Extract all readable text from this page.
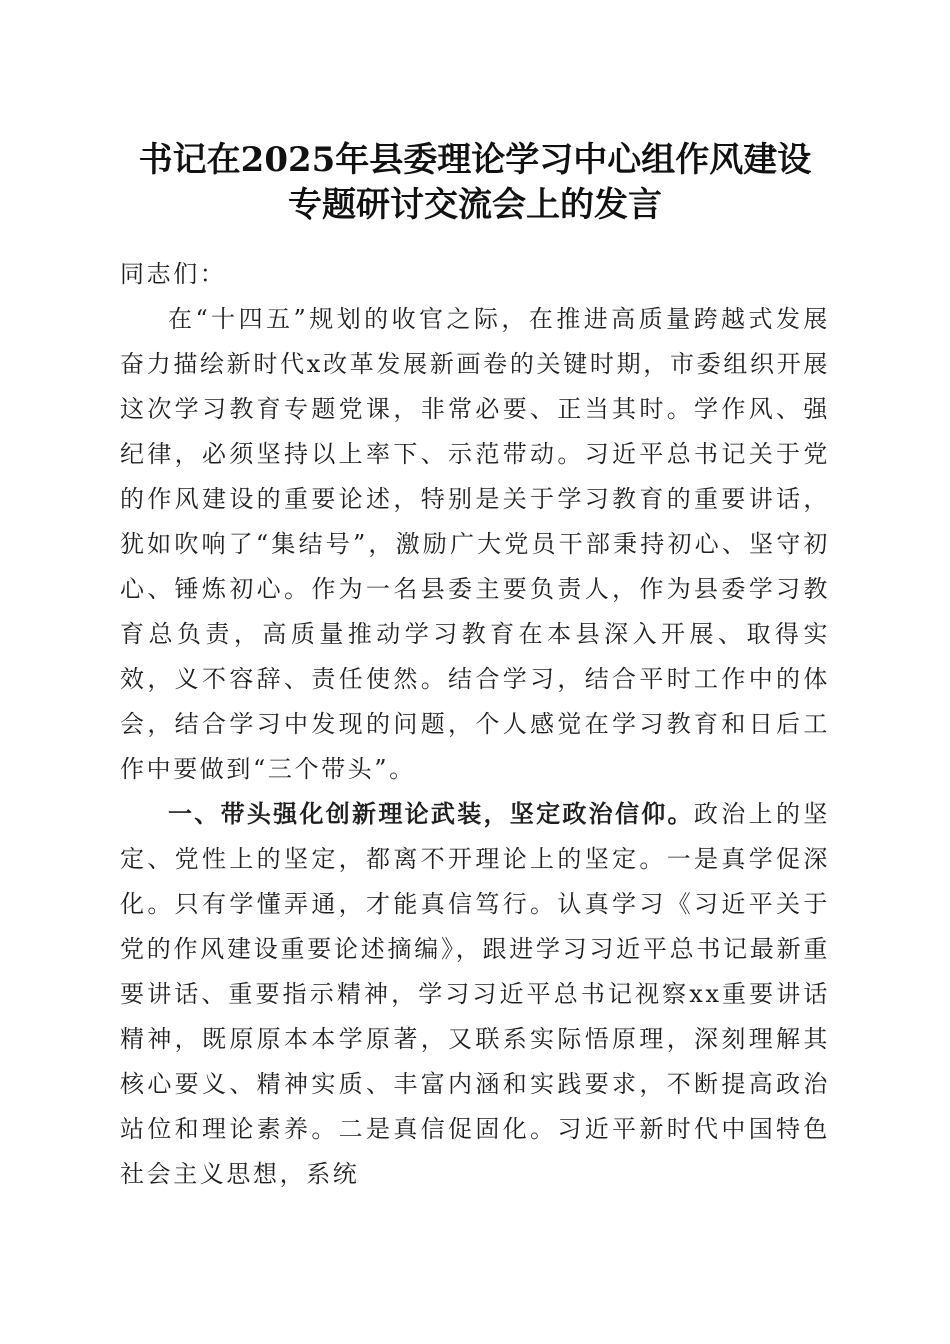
书记在2025年县委理论学习中心组作风建设
专题研讨交流会上的发言

同志们：

在“十四五”规划的收官之际，在推进高质量跨越式发展奋力描绘新时代x改革发展新画卷的关键时期，市委组织开展这次学习教育专题党课，非常必要、正当其时。学作风、强纪律，必须坚持以上率下、示范带动。习近平总书记关于党的作风建设的重要论述，特别是关于学习教育的重要讲话，犹如吹响了“集结号”，激励广大党员干部秉持初心、坚守初心、锤炼初心。作为一名县委主要负责人，作为县委学习教育总负责，高质量推动学习教育在本县深入开展、取得实效，义不容辞、责任使然。结合学习，结合平时工作中的体会，结合学习中发现的问题，个人感觉在学习教育和日后工作中要做到“三个带头”。

一、带头强化创新理论武装，坚定政治信仰。政治上的坚定、党性上的坚定，都离不开理论上的坚定。一是真学促深化。只有学懂弄通，才能真信笃行。认真学习《习近平关于党的作风建设重要论述摘编》，跟进学习习近平总书记最新重要讲话、重要指示精神，学习习近平总书记视察xx重要讲话精神，既原原本本学原著，又联系实际悟原理，深刻理解其核心要义、精神实质、丰富内涵和实践要求，不断提高政治站位和理论素养。二是真信促固化。习近平新时代中国特色社会主义思想，系统
